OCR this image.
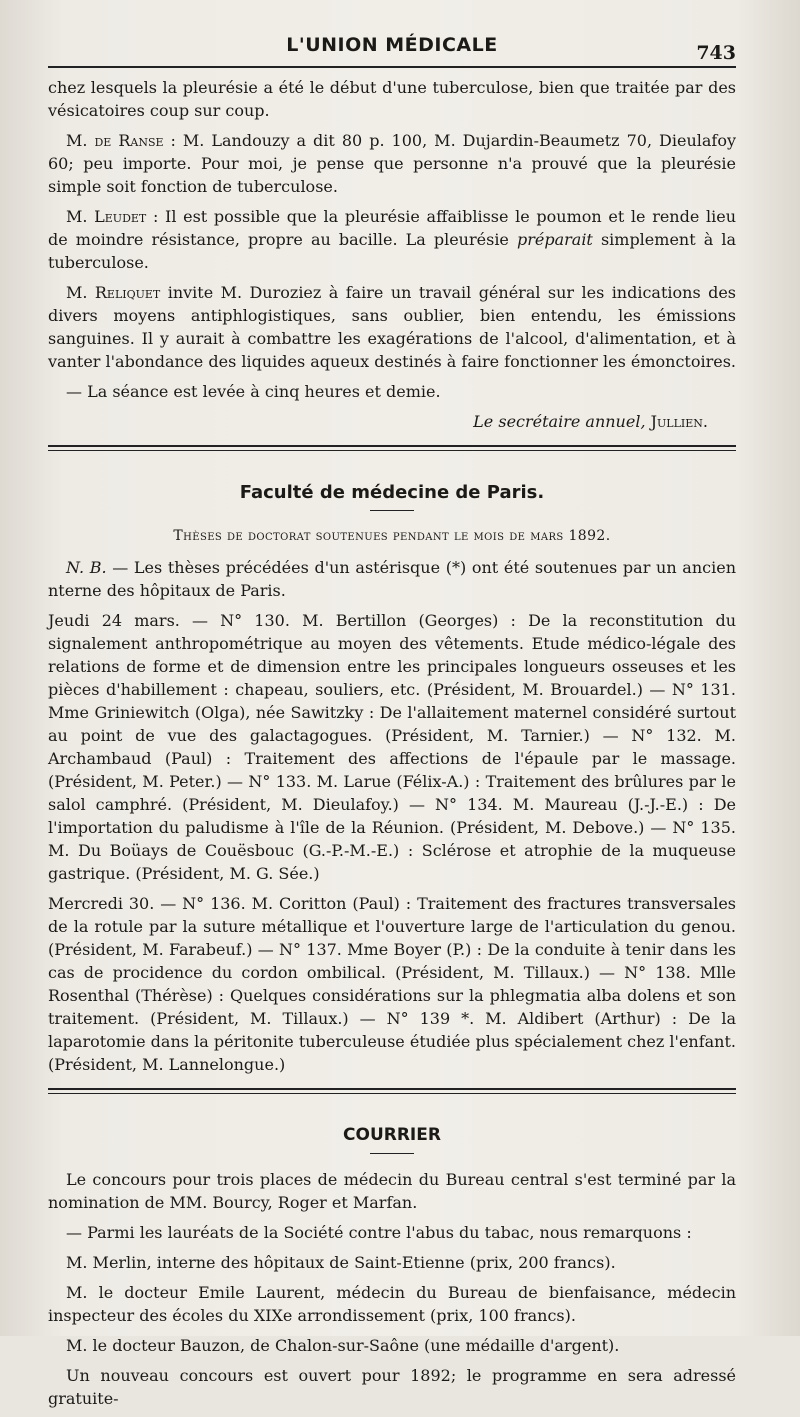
L'UNION MÉDICALE	743

chez lesquels la pleurésie a été le début d'une tuberculose, bien que traitée par des vésicatoires coup sur coup.

M. de Ranse : M. Landouzy a dit 80 p. 100, M. Dujardin-Beaumetz 70, Dieulafoy 60; peu importe. Pour moi, je pense que personne n'a prouvé que la pleurésie simple soit fonction de tuberculose.

M. Leudet : Il est possible que la pleurésie affaiblisse le poumon et le rende lieu de moindre résistance, propre au bacille. La pleurésie préparait simplement à la tuberculose.

M. Reliquet invite M. Duroziez à faire un travail général sur les indications des divers moyens antiphlogistiques, sans oublier, bien entendu, les émissions sanguines. Il y aurait à combattre les exagérations de l'alcool, d'alimentation, et à vanter l'abondance des liquides aqueux destinés à faire fonctionner les émonctoires.

— La séance est levée à cinq heures et demie.

Le secrétaire annuel, Jullien.

Faculté de médecine de Paris.
Thèses de doctorat soutenues pendant le mois de mars 1892.

N. B. — Les thèses précédées d'un astérisque (*) ont été soutenues par un ancien nterne des hôpitaux de Paris.

Jeudi 24 mars. — N° 130. M. Bertillon (Georges) : De la reconstitution du signalement anthropométrique au moyen des vêtements. Etude médico-légale des relations de forme et de dimension entre les principales longueurs osseuses et les pièces d'habillement : chapeau, souliers, etc. (Président, M. Brouardel.) — N° 131. Mme Griniewitch (Olga), née Sawitzky : De l'allaitement maternel considéré surtout au point de vue des galactagogues. (Président, M. Tarnier.) — N° 132. M. Archambaud (Paul) : Traitement des affections de l'épaule par le massage. (Président, M. Peter.) — N° 133. M. Larue (Félix-A.) : Traitement des brûlures par le salol camphré. (Président, M. Dieulafoy.) — N° 134. M. Maureau (J.-J.-E.) : De l'importation du paludisme à l'île de la Réunion. (Président, M. Debove.) — N° 135. M. Du Boüays de Couësbouc (G.-P.-M.-E.) : Sclérose et atrophie de la muqueuse gastrique. (Président, M. G. Sée.)

Mercredi 30. — N° 136. M. Coritton (Paul) : Traitement des fractures transversales de la rotule par la suture métallique et l'ouverture large de l'articulation du genou. (Président, M. Farabeuf.) — N° 137. Mme Boyer (P.) : De la conduite à tenir dans les cas de procidence du cordon ombilical. (Président, M. Tillaux.) — N° 138. Mlle Rosenthal (Thérèse) : Quelques considérations sur la phlegmatia alba dolens et son traitement. (Président, M. Tillaux.) — N° 139 *. M. Aldibert (Arthur) : De la laparotomie dans la péritonite tuberculeuse étudiée plus spécialement chez l'enfant. (Président, M. Lannelongue.)

COURRIER

Le concours pour trois places de médecin du Bureau central s'est terminé par la nomination de MM. Bourcy, Roger et Marfan.

— Parmi les lauréats de la Société contre l'abus du tabac, nous remarquons :

M. Merlin, interne des hôpitaux de Saint-Etienne (prix, 200 francs).

M. le docteur Emile Laurent, médecin du Bureau de bienfaisance, médecin inspecteur des écoles du XIXe arrondissement (prix, 100 francs).

M. le docteur Bauzon, de Chalon-sur-Saône (une médaille d'argent).

Un nouveau concours est ouvert pour 1892; le programme en sera adressé gratuite-
